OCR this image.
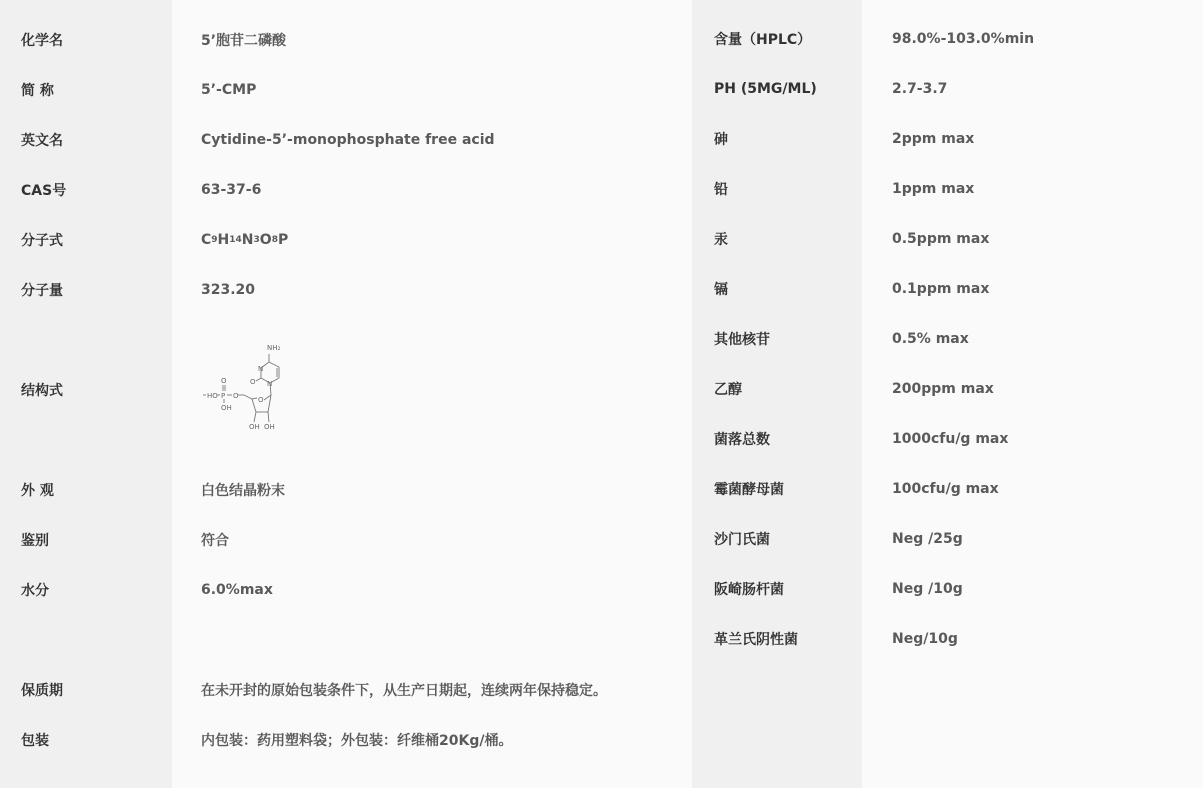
化学名
简 称
英文名
CAS号
分子式
分子量
结构式
外 观
鉴别
水分
保质期
包装
5’胞苷二磷酸
5’-CMP
Cytidine-5’-monophosphate free acid
63-37-6
C 9 H 14 N 3 O 8 P
323.20
NH₂
N
N
O
HO P
O
OH
O	O
OH OH
白色结晶粉末
符合
6.0%max
在未开封的原始包装条件下，从生产日期起，连续两年保持稳定。
内包装：药用塑料袋；外包装：纤维桶20Kg/桶。
含量（HPLC）
PH (5MG/ML)
砷
铅
汞
镉
其他核苷
乙醇
菌落总数
霉菌酵母菌
沙门氏菌
阪崎肠杆菌
革兰氏阴性菌
98.0%-103.0%min
2.7-3.7
2ppm max
1ppm max
0.5ppm max
0.1ppm max
0.5% max
200ppm max
1000cfu/g max
100cfu/g max
Neg /25g
Neg /10g
Neg/10g
